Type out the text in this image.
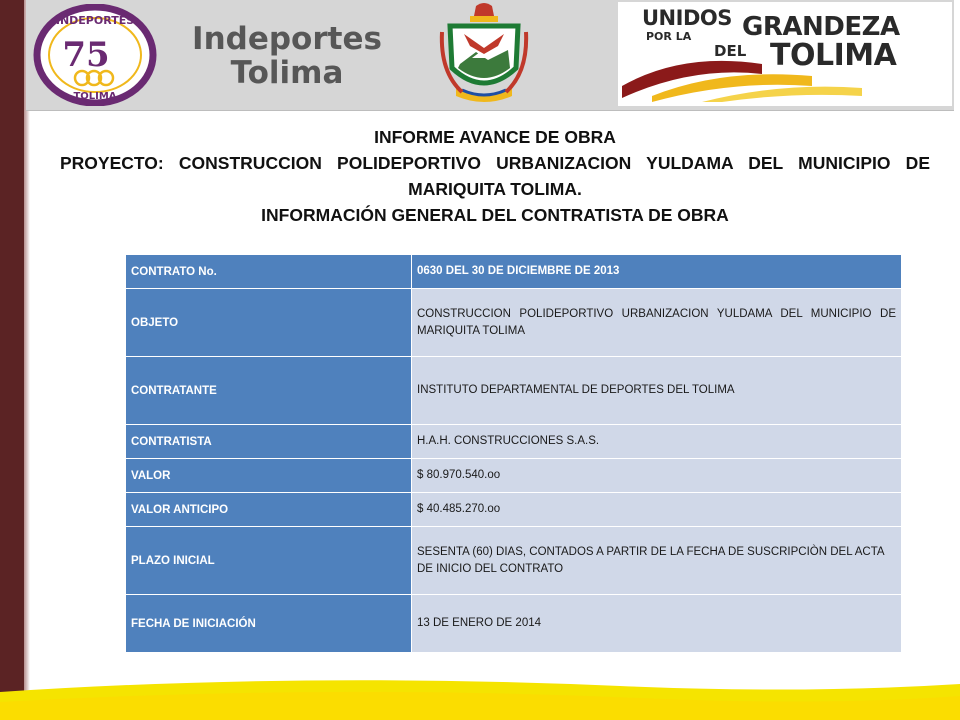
INDEPORTES
75
TOLIMA
Indeportes
Tolima
UNIDOS
POR LA GRANDEZA
DEL TOLIMA
INFORME AVANCE DE OBRA
PROYECTO: CONSTRUCCION POLIDEPORTIVO URBANIZACION YULDAMA DEL MUNICIPIO DE MARIQUITA TOLIMA.
INFORMACIÓN GENERAL DEL CONTRATISTA DE OBRA
CONTRATO No.	0630 DEL 30 DE DICIEMBRE DE 2013
OBJETO	CONSTRUCCION POLIDEPORTIVO URBANIZACION YULDAMA DEL MUNICIPIO DE MARIQUITA TOLIMA
CONTRATANTE	INSTITUTO DEPARTAMENTAL DE DEPORTES DEL TOLIMA
CONTRATISTA	H.A.H. CONSTRUCCIONES S.A.S.
VALOR	$ 80.970.540.oo
VALOR ANTICIPO	$ 40.485.270.oo
PLAZO INICIAL	SESENTA (60) DIAS, CONTADOS A PARTIR DE LA FECHA DE SUSCRIPCIÒN DEL ACTA DE INICIO DEL CONTRATO
FECHA DE INICIACIÓN	13 DE ENERO DE 2014
